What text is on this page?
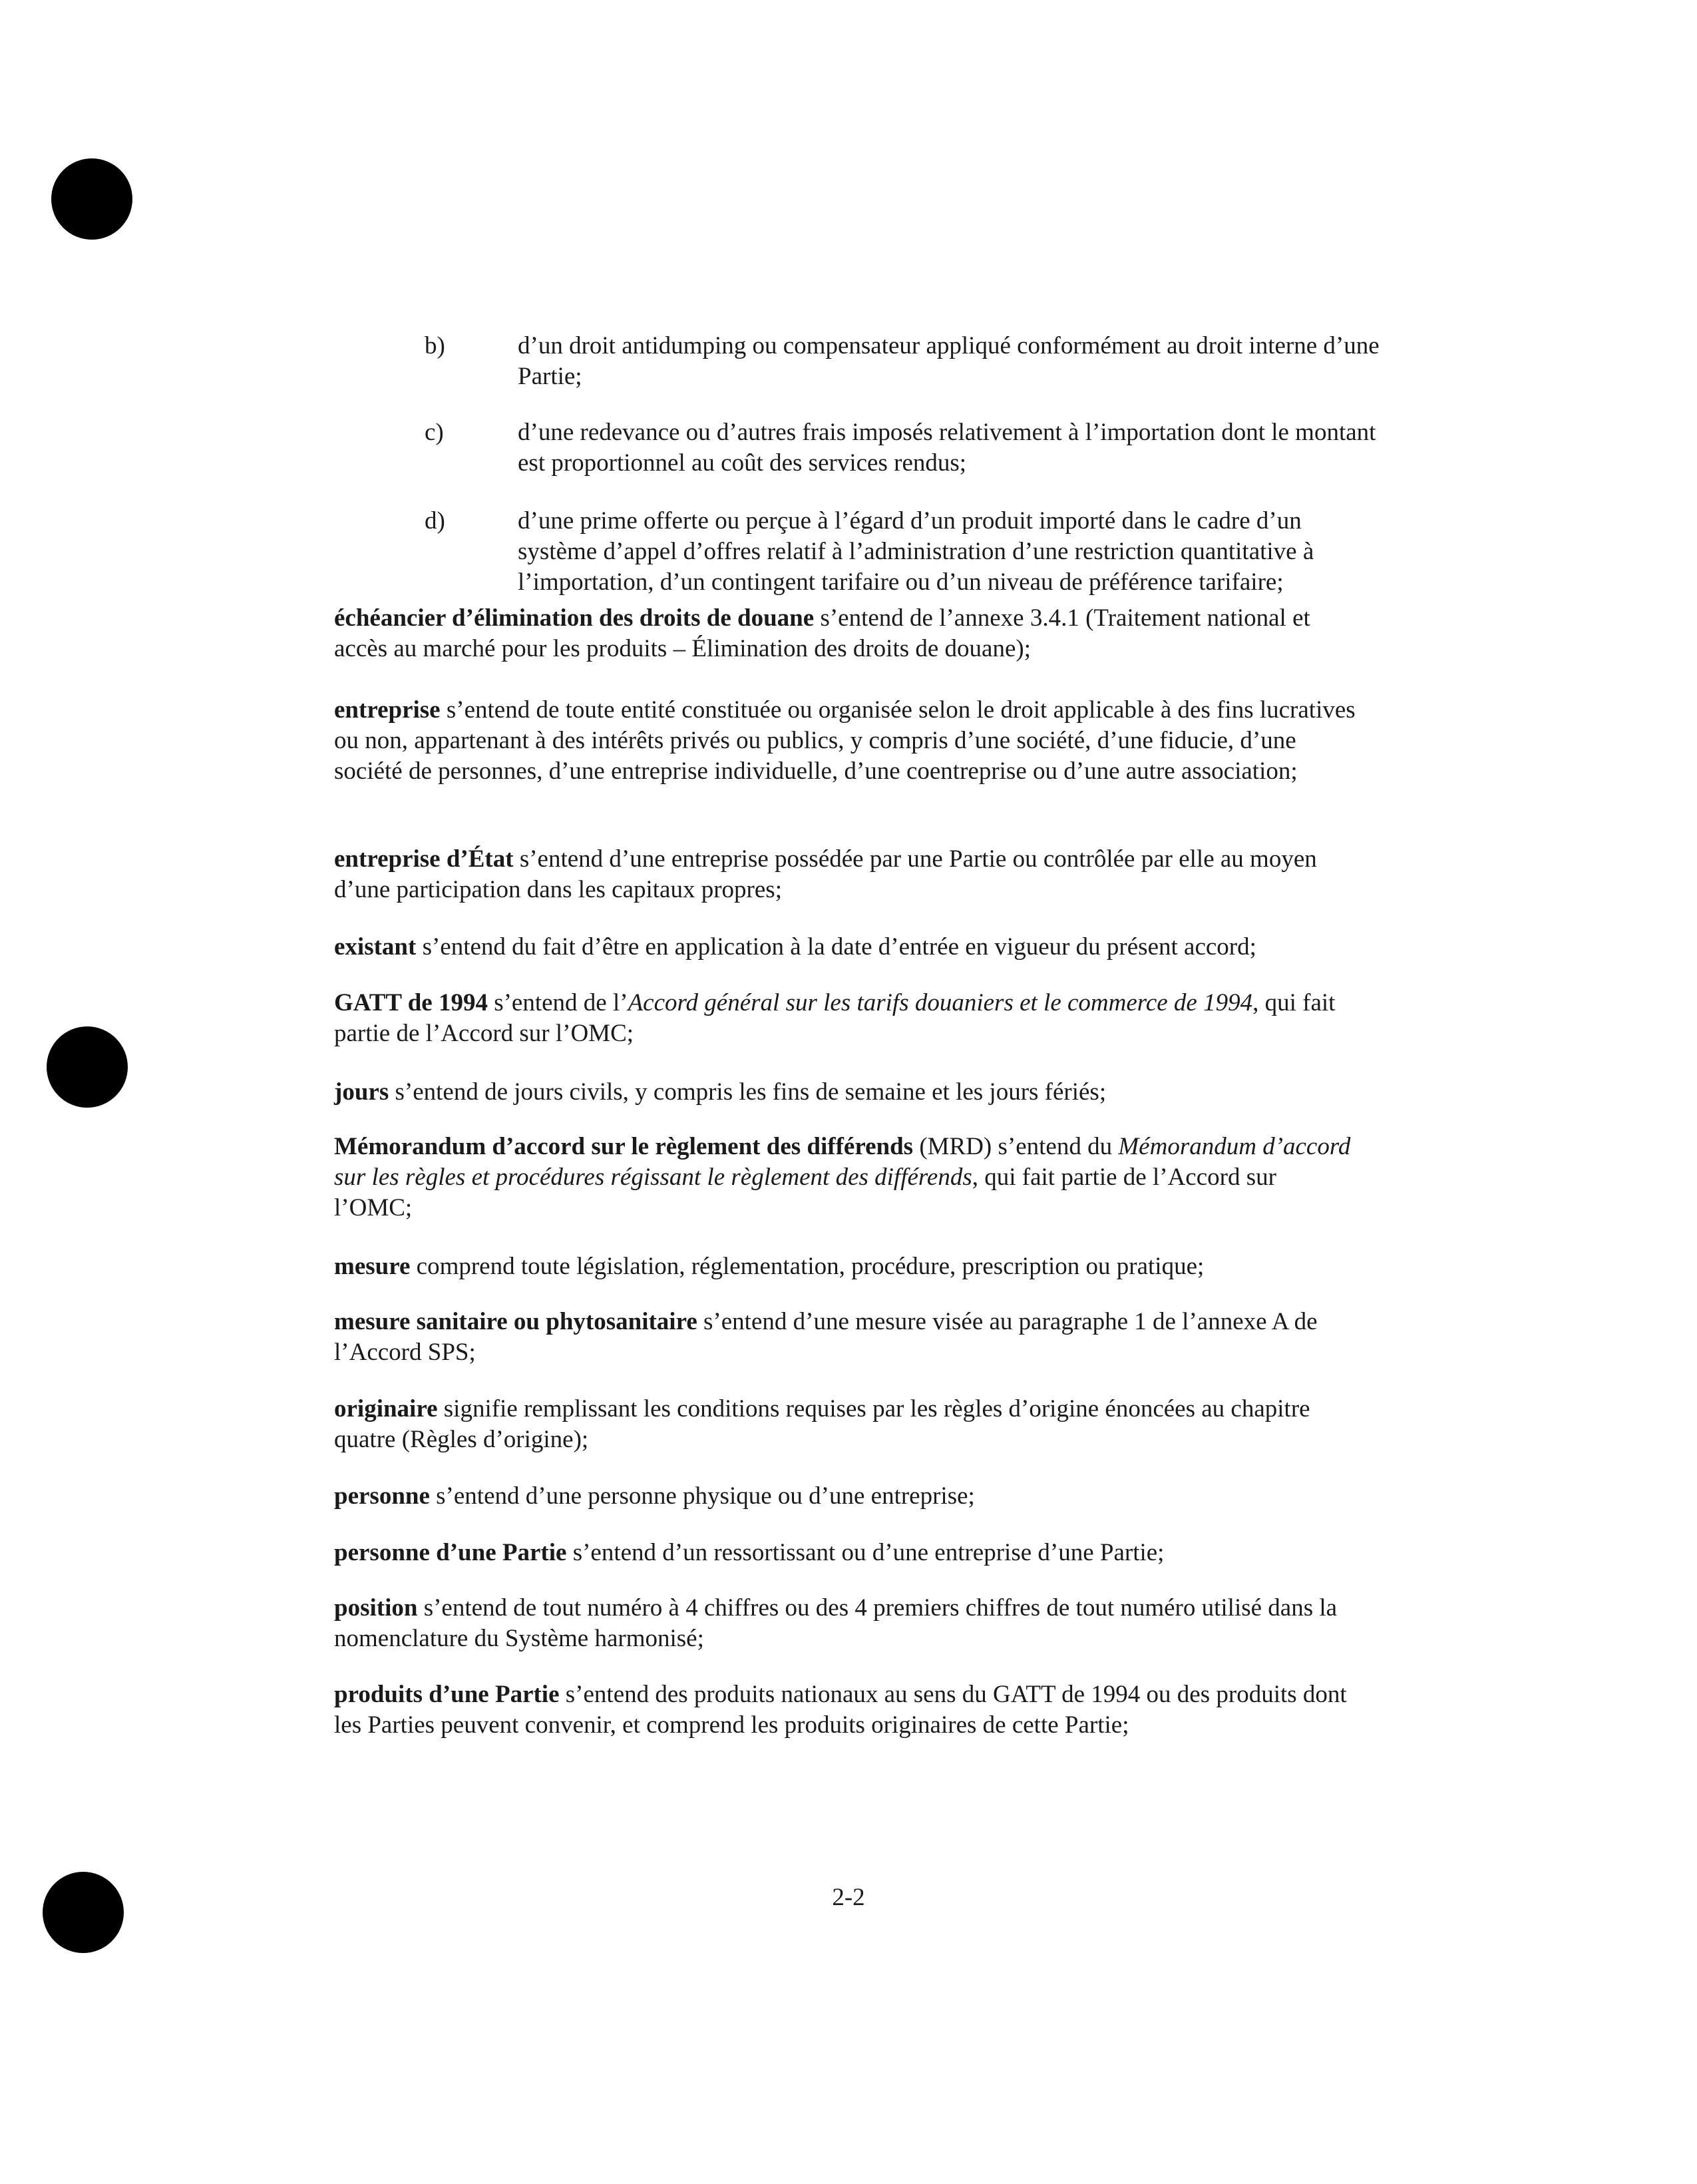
b)	d’un droit antidumping ou compensateur appliqué conformément au droit interne d’une Partie;
c)	d’une redevance ou d’autres frais imposés relativement à l’importation dont le montant est proportionnel au coût des services rendus;
d)	d’une prime offerte ou perçue à l’égard d’un produit importé dans le cadre d’un système d’appel d’offres relatif à l’administration d’une restriction quantitative à l’importation, d’un contingent tarifaire ou d’un niveau de préférence tarifaire;

échéancier d’élimination des droits de douane s’entend de l’annexe 3.4.1 (Traitement national et accès au marché pour les produits – Élimination des droits de douane);

entreprise s’entend de toute entité constituée ou organisée selon le droit applicable à des fins lucratives ou non, appartenant à des intérêts privés ou publics, y compris d’une société, d’une fiducie, d’une société de personnes, d’une entreprise individuelle, d’une coentreprise ou d’une autre association;

entreprise d’État s’entend d’une entreprise possédée par une Partie ou contrôlée par elle au moyen d’une participation dans les capitaux propres;

existant s’entend du fait d’être en application à la date d’entrée en vigueur du présent accord;

GATT de 1994 s’entend de l’Accord général sur les tarifs douaniers et le commerce de 1994, qui fait partie de l’Accord sur l’OMC;

jours s’entend de jours civils, y compris les fins de semaine et les jours fériés;

Mémorandum d’accord sur le règlement des différends (MRD) s’entend du Mémorandum d’accord sur les règles et procédures régissant le règlement des différends, qui fait partie de l’Accord sur l’OMC;

mesure comprend toute législation, réglementation, procédure, prescription ou pratique;

mesure sanitaire ou phytosanitaire s’entend d’une mesure visée au paragraphe 1 de l’annexe A de l’Accord SPS;

originaire signifie remplissant les conditions requises par les règles d’origine énoncées au chapitre quatre (Règles d’origine);

personne s’entend d’une personne physique ou d’une entreprise;

personne d’une Partie s’entend d’un ressortissant ou d’une entreprise d’une Partie;

position s’entend de tout numéro à 4 chiffres ou des 4 premiers chiffres de tout numéro utilisé dans la nomenclature du Système harmonisé;

produits d’une Partie s’entend des produits nationaux au sens du GATT de 1994 ou des produits dont les Parties peuvent convenir, et comprend les produits originaires de cette Partie;

2-2
